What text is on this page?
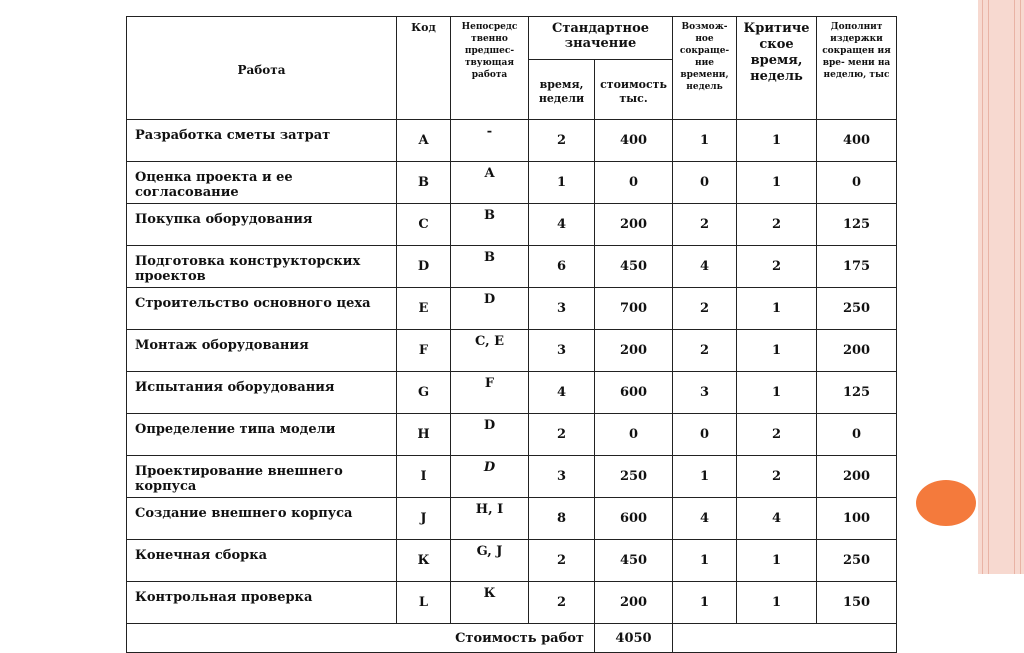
Работа	Код	Непосредс твенно предшес- твующая работа	Стандартное значение		Возмож- ное сокраще- ние времени, недель	Критиче ское время, недель	Дополнит издержки сокращен ия вре- мени на неделю, тыс
			время, недели	стоимость тыс.			
Разработка сметы затрат	A	-	2	400	1	1	400
Оценка проекта и ее согласование	B	A	1	0	0	1	0
Покупка оборудования	C	B	4	200	2	2	125
Подготовка конструкторских проектов	D	B	6	450	4	2	175
Строительство основного цеха	E	D	3	700	2	1	250
Монтаж оборудования	F	C, E	3	200	2	1	200
Испытания оборудования	G	F	4	600	3	1	125
Определение типа модели	H	D	2	0	0	2	0
Проектирование внешнего корпуса	I	D	3	250	1	2	200
Создание внешнего корпуса	J	H, I	8	600	4	4	100
Конечная сборка	К	G, J	2	450	1	1	250
Контрольная проверка	L	К	2	200	1	1	150
Стоимость работ				4050			
